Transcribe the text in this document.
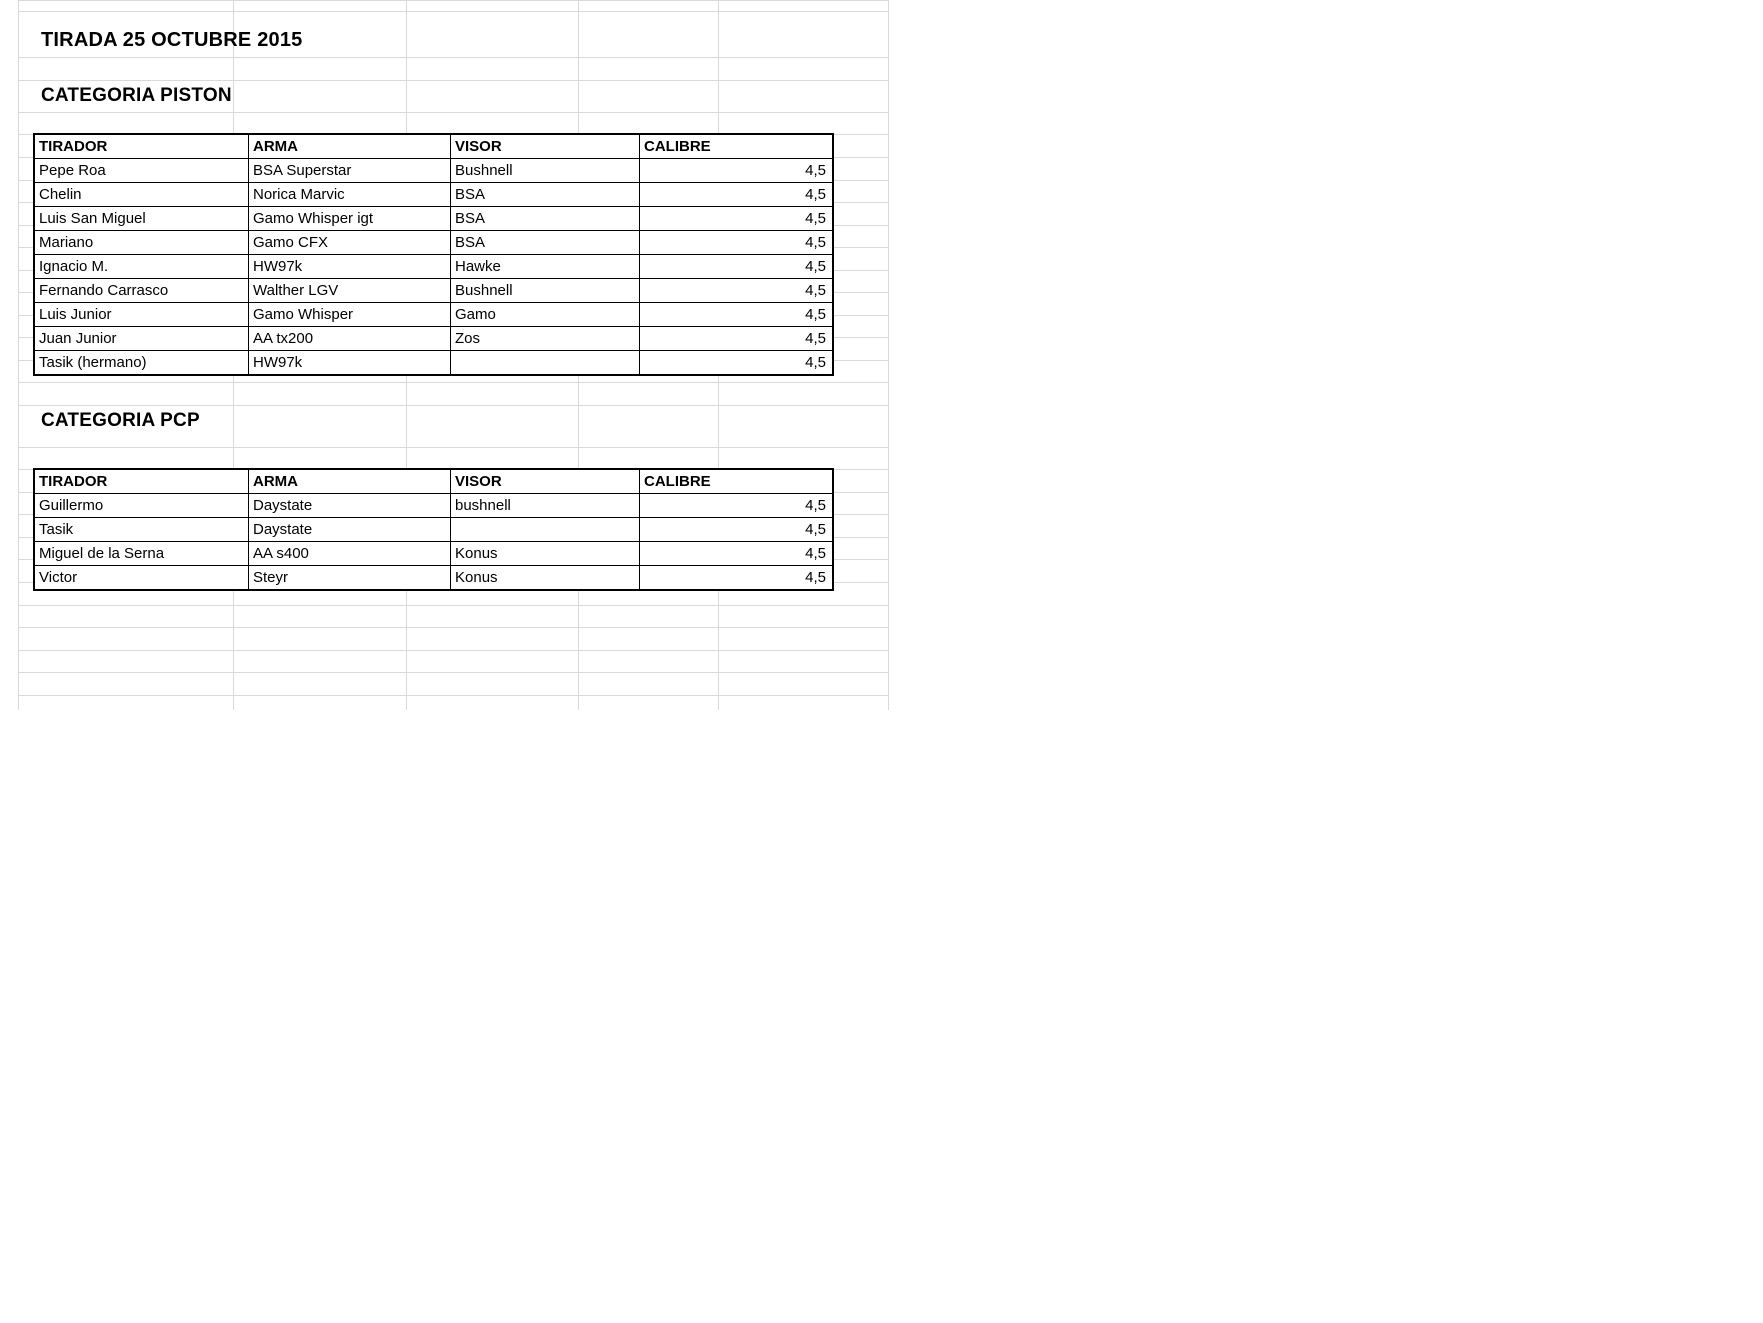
TIRADA 25 OCTUBRE 2015
CATEGORIA PISTON
TIRADOR	ARMA	VISOR	CALIBRE
Pepe Roa	BSA Superstar	Bushnell	4,5
Chelin	Norica Marvic	BSA	4,5
Luis San Miguel	Gamo Whisper igt	BSA	4,5
Mariano	Gamo CFX	BSA	4,5
Ignacio M.	HW97k	Hawke	4,5
Fernando Carrasco	Walther LGV	Bushnell	4,5
Luis Junior	Gamo Whisper	Gamo	4,5
Juan Junior	AA tx200	Zos	4,5
Tasik (hermano)	HW97k		4,5
CATEGORIA PCP
TIRADOR	ARMA	VISOR	CALIBRE
Guillermo	Daystate	bushnell	4,5
Tasik	Daystate		4,5
Miguel de la Serna	AA s400	Konus	4,5
Victor	Steyr	Konus	4,5
